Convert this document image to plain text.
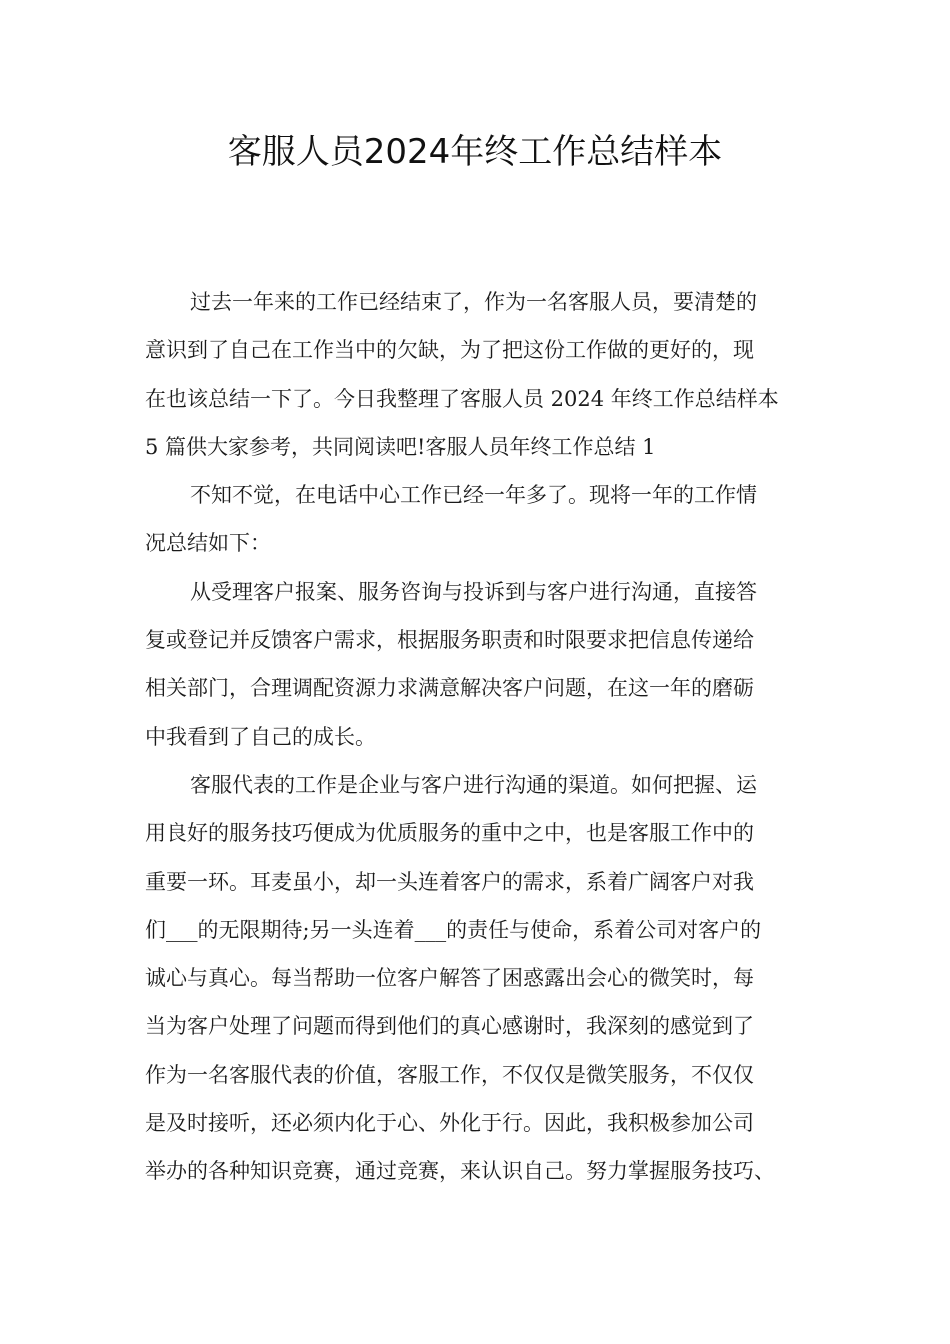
客服人员2024年终工作总结样本
过去一年来的工作已经结束了，作为一名客服人员，要清楚的
意识到了自己在工作当中的欠缺，为了把这份工作做的更好的，现
在也该总结一下了。今日我整理了客服人员 2024 年终工作总结样本
5 篇供大家参考，共同阅读吧!客服人员年终工作总结 1
不知不觉，在电话中心工作已经一年多了。现将一年的工作情
况总结如下：
从受理客户报案、服务咨询与投诉到与客户进行沟通，直接答
复或登记并反馈客户需求，根据服务职责和时限要求把信息传递给
相关部门，合理调配资源力求满意解决客户问题，在这一年的磨砺
中我看到了自己的成长。
客服代表的工作是企业与客户进行沟通的渠道。如何把握、运
用良好的服务技巧便成为优质服务的重中之中，也是客服工作中的
重要一环。耳麦虽小，却一头连着客户的需求，系着广阔客户对我
们___的无限期待;另一头连着___的责任与使命，系着公司对客户的
诚心与真心。每当帮助一位客户解答了困惑露出会心的微笑时，每
当为客户处理了问题而得到他们的真心感谢时，我深刻的感觉到了
作为一名客服代表的价值，客服工作，不仅仅是微笑服务，不仅仅
是及时接听，还必须内化于心、外化于行。因此，我积极参加公司
举办的各种知识竞赛，通过竞赛，来认识自己。努力掌握服务技巧、
